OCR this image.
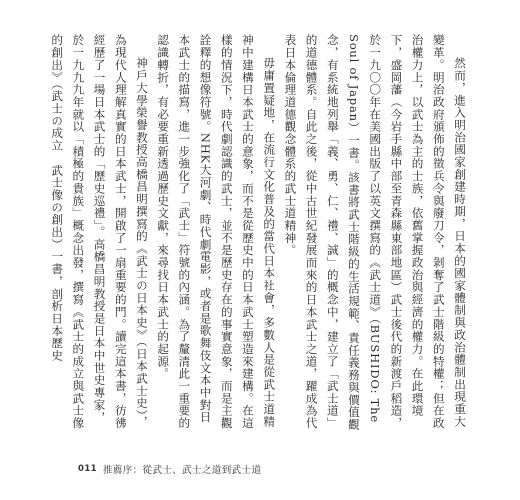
然而，進入明治國家創建時期，日本的國家體制與政治體制出現重大變革。明治政府頒佈的徵兵令與廢刀令，剝奪了武士階級的特權；但在政治權力上，以武士為主的士族，依舊掌握政治與經濟的權力。在此環境下，盛岡藩（今岩手縣中部至青森縣東部地區）武士後代的新渡戶稻造，於一九〇〇年在美國出版了以英文撰寫的《武士道》（BUSHIDO: The Soul of Japan）一書。該書將武士階級的生活規範、責任義務與價值觀念，有系統地列舉「義、勇、仁、禮、誠」的概念中，建立了「武士道」的道德體系。自此之後，從中古世紀發展而來的日本武士之道，躍成為代表日本倫理道德觀念體系的武士道精神。

毋庸置疑地，在流行文化普及的當代日本社會，多數人是從武士道精神中建構日本武士的意象，而不是從歷史中的日本武士塑造來建構。在這樣的情況下，時代劇認識的武士，並不是歷史存在的事實意象，而是主觀詮釋的想像符號。NHK大河劇、時代劇電影，或者是歌舞伎文本中對日本武士的描寫，進一步強化了「武士」符號的內涵。為了釐清此一重要的認識轉折，有必要重新透過歷史文獻，來尋找日本武士的起源。

神戶大學榮譽教授高橋昌明撰寫的《武士の日本史》（日本武士史），為現代人理解真實的日本武士，開啟了一扇重要的門。讀完這本書，彷彿經歷了一場日本武士的「歷史巡禮」。高橋昌明教授是日本中世史專家，於一九九九年就以「積極的貴族」概念出發，撰寫《武士的成立與武士像的創出》（武士の成立　武士像の創出）一書，剖析日本歷史

011 推薦序：從武士、武士之道到武士道
